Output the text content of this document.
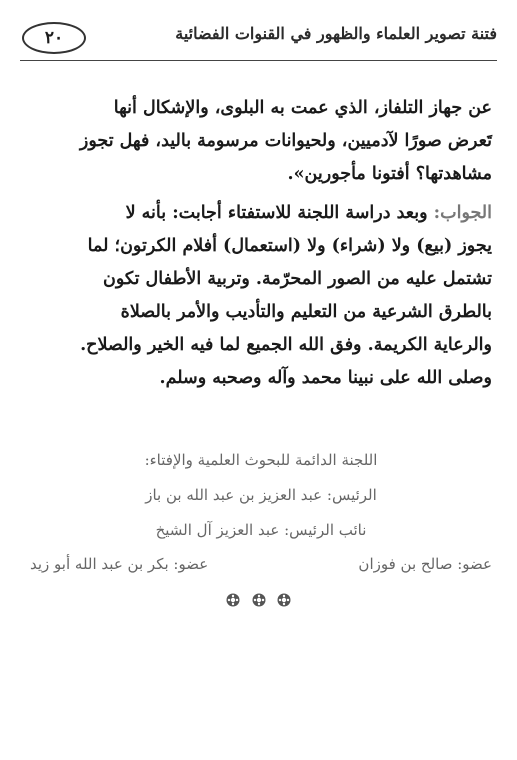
فتنة تصوير العلماء والظهور في القنوات الفضائية
٢٠
عن جهاز التلفاز، الذي عمت به البلوى، والإشكال أنها
تَعرض صورًا لآدميين، ولحيوانات مرسومة باليد، فهل تجوز
مشاهدتها؟ أفتونا مأجورين».
الجواب: وبعد دراسة اللجنة للاستفتاء أجابت: بأنه لا
يجوز (بيع) ولا (شراء) ولا (استعمال) أفلام الكرتون؛ لما
تشتمل عليه من الصور المحرّمة. وتربية الأطفال تكون
بالطرق الشرعية من التعليم والتأديب والأمر بالصلاة
والرعاية الكريمة. وفق الله الجميع لما فيه الخير والصلاح.
وصلى الله على نبينا محمد وآله وصحبه وسلم.
اللجنة الدائمة للبحوث العلمية والإفتاء:
الرئيس: عبد العزيز بن عبد الله بن باز
نائب الرئيس: عبد العزيز آل الشيخ
عضو: صالح بن فوزان
عضو: بكر بن عبد الله أبو زيد
